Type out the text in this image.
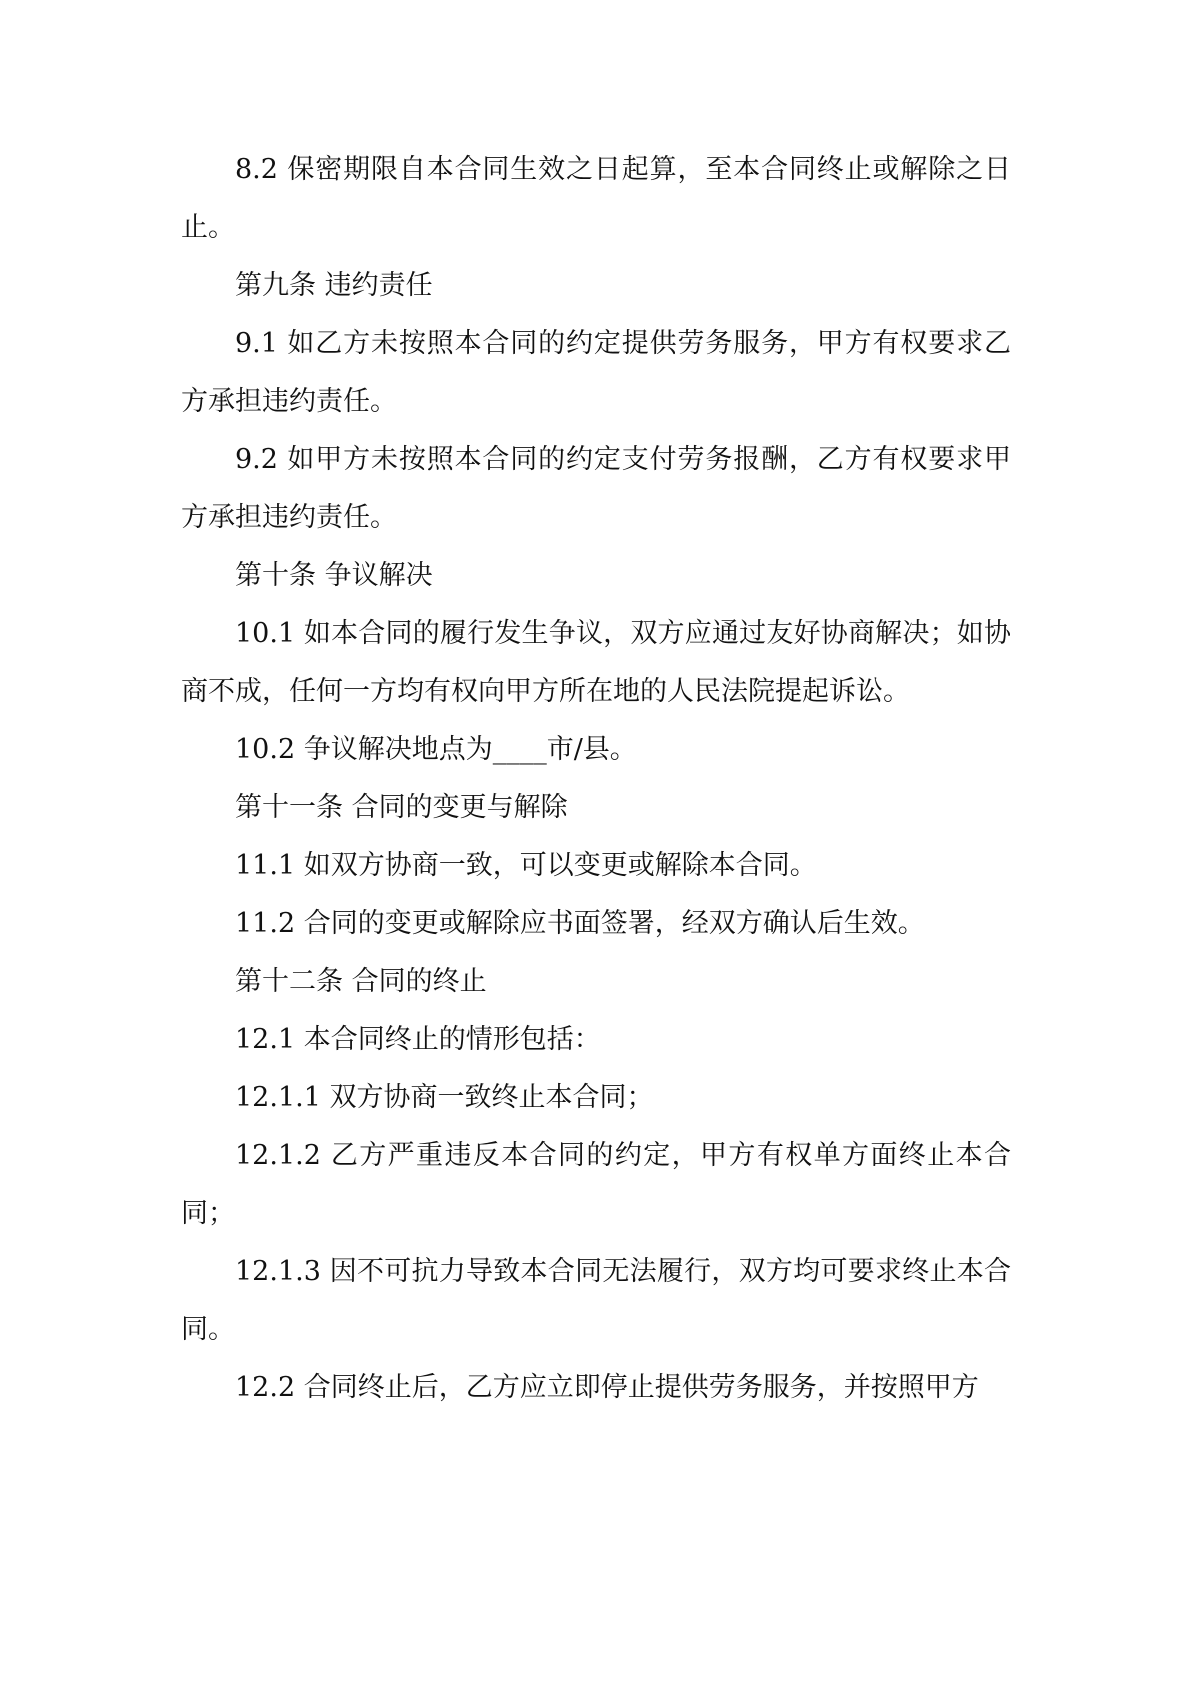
8.2 保密期限自本合同生效之日起算，至本合同终止或解除之日止。

第九条 违约责任

9.1 如乙方未按照本合同的约定提供劳务服务，甲方有权要求乙方承担违约责任。

9.2 如甲方未按照本合同的约定支付劳务报酬，乙方有权要求甲方承担违约责任。

第十条 争议解决

10.1 如本合同的履行发生争议，双方应通过友好协商解决；如协商不成，任何一方均有权向甲方所在地的人民法院提起诉讼。

10.2 争议解决地点为____市/县。

第十一条 合同的变更与解除

11.1 如双方协商一致，可以变更或解除本合同。

11.2 合同的变更或解除应书面签署，经双方确认后生效。

第十二条 合同的终止

12.1 本合同终止的情形包括：

12.1.1 双方协商一致终止本合同；

12.1.2 乙方严重违反本合同的约定，甲方有权单方面终止本合同；

12.1.3 因不可抗力导致本合同无法履行，双方均可要求终止本合同。

12.2 合同终止后，乙方应立即停止提供劳务服务，并按照甲方
